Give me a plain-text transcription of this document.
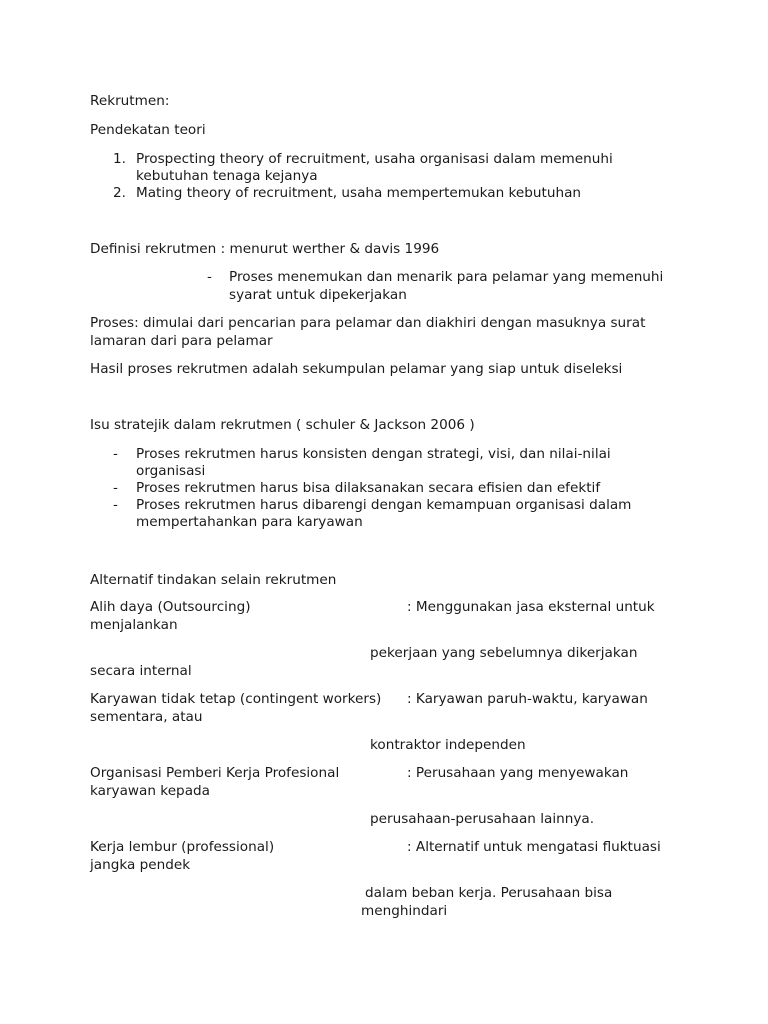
Rekrutmen:

Pendekatan teori

1. Prospecting theory of recruitment, usaha organisasi dalam memenuhi

kebutuhan tenaga kejanya

2. Mating theory of recruitment, usaha mempertemukan kebutuhan

Definisi rekrutmen : menurut werther & davis 1996

- Proses menemukan dan menarik para pelamar yang memenuhi

syarat untuk dipekerjakan

Proses: dimulai dari pencarian para pelamar dan diakhiri dengan masuknya surat

lamaran dari para pelamar

Hasil proses rekrutmen adalah sekumpulan pelamar yang siap untuk diseleksi

Isu stratejik dalam rekrutmen ( schuler & Jackson 2006 )

- Proses rekrutmen harus konsisten dengan strategi, visi, dan nilai-nilai

organisasi

- Proses rekrutmen harus bisa dilaksanakan secara efisien dan efektif

- Proses rekrutmen harus dibarengi dengan kemampuan organisasi dalam

mempertahankan para karyawan

Alternatif tindakan selain rekrutmen

Alih daya (Outsourcing)	: Menggunakan jasa eksternal untuk

menjalankan

pekerjaan yang sebelumnya dikerjakan

secara internal

Karyawan tidak tetap (contingent workers) : Karyawan paruh-waktu, karyawan

sementara, atau

kontraktor independen

Organisasi Pemberi Kerja Profesional	: Perusahaan yang menyewakan

karyawan kepada

perusahaan-perusahaan lainnya.

Kerja lembur (professional)	: Alternatif untuk mengatasi fluktuasi

jangka pendek

dalam beban kerja. Perusahaan bisa

menghindari
